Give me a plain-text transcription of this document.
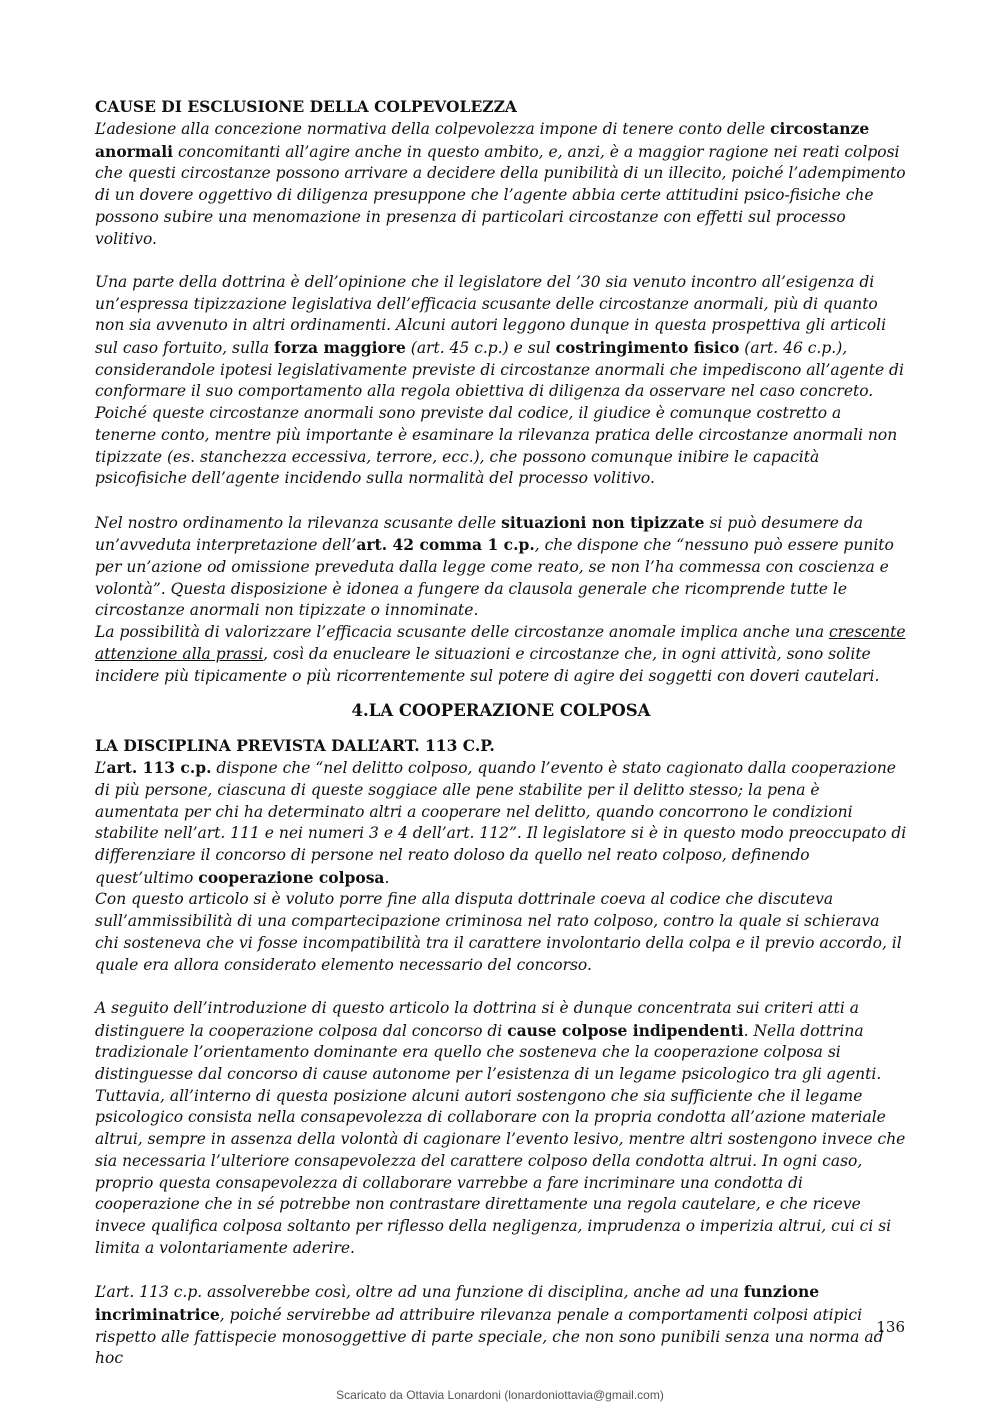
CAUSE DI ESCLUSIONE DELLA COLPEVOLEZZA

L’adesione alla concezione normativa della colpevolezza impone di tenere conto delle circostanze anormali concomitanti all’agire anche in questo ambito, e, anzi, è a maggior ragione nei reati colposi che questi circostanze possono arrivare a decidere della punibilità di un illecito, poiché l’adempimento di un dovere oggettivo di diligenza presuppone che l’agente abbia certe attitudini psico-fisiche che possono subire una menomazione in presenza di particolari circostanze con effetti sul processo volitivo.

Una parte della dottrina è dell’opinione che il legislatore del ’30 sia venuto incontro all’esigenza di un’espressa tipizzazione legislativa dell’efficacia scusante delle circostanze anormali, più di quanto non sia avvenuto in altri ordinamenti. Alcuni autori leggono dunque in questa prospettiva gli articoli sul caso fortuito, sulla forza maggiore (art. 45 c.p.) e sul costringimento fisico (art. 46 c.p.), considerandole ipotesi legislativamente previste di circostanze anormali che impediscono all’agente di conformare il suo comportamento alla regola obiettiva di diligenza da osservare nel caso concreto.

Poiché queste circostanze anormali sono previste dal codice, il giudice è comunque costretto a tenerne conto, mentre più importante è esaminare la rilevanza pratica delle circostanze anormali non tipizzate (es. stanchezza eccessiva, terrore, ecc.), che possono comunque inibire le capacità psicofisiche dell’agente incidendo sulla normalità del processo volitivo.

Nel nostro ordinamento la rilevanza scusante delle situazioni non tipizzate si può desumere da un’avveduta interpretazione dell’art. 42 comma 1 c.p., che dispone che “nessuno può essere punito per un’azione od omissione preveduta dalla legge come reato, se non l’ha commessa con coscienza e volontà”. Questa disposizione è idonea a fungere da clausola generale che ricomprende tutte le circostanze anormali non tipizzate o innominate.

La possibilità di valorizzare l’efficacia scusante delle circostanze anomale implica anche una crescente attenzione alla prassi, così da enucleare le situazioni e circostanze che, in ogni attività, sono solite incidere più tipicamente o più ricorrentemente sul potere di agire dei soggetti con doveri cautelari.

4.LA COOPERAZIONE COLPOSA

LA DISCIPLINA PREVISTA DALL’ART. 113 C.P.

L’art. 113 c.p. dispone che “nel delitto colposo, quando l’evento è stato cagionato dalla cooperazione di più persone, ciascuna di queste soggiace alle pene stabilite per il delitto stesso; la pena è aumentata per chi ha determinato altri a cooperare nel delitto, quando concorrono le condizioni stabilite nell’art. 111 e nei numeri 3 e 4 dell’art. 112”. Il legislatore si è in questo modo preoccupato di differenziare il concorso di persone nel reato doloso da quello nel reato colposo, definendo quest’ultimo cooperazione colposa.

Con questo articolo si è voluto porre fine alla disputa dottrinale coeva al codice che discuteva sull’ammissibilità di una compartecipazione criminosa nel rato colposo, contro la quale si schierava chi sosteneva che vi fosse incompatibilità tra il carattere involontario della colpa e il previo accordo, il quale era allora considerato elemento necessario del concorso.

A seguito dell’introduzione di questo articolo la dottrina si è dunque concentrata sui criteri atti a distinguere la cooperazione colposa dal concorso di cause colpose indipendenti. Nella dottrina tradizionale l’orientamento dominante era quello che sosteneva che la cooperazione colposa si distinguesse dal concorso di cause autonome per l’esistenza di un legame psicologico tra gli agenti. Tuttavia, all’interno di questa posizione alcuni autori sostengono che sia sufficiente che il legame psicologico consista nella consapevolezza di collaborare con la propria condotta all’azione materiale altrui, sempre in assenza della volontà di cagionare l’evento lesivo, mentre altri sostengono invece che sia necessaria l’ulteriore consapevolezza del carattere colposo della condotta altrui. In ogni caso, proprio questa consapevolezza di collaborare varrebbe a fare incriminare una condotta di cooperazione che in sé potrebbe non contrastare direttamente una regola cautelare, e che riceve invece qualifica colposa soltanto per riflesso della negligenza, imprudenza o imperizia altrui, cui ci si limita a volontariamente aderire.

L’art. 113 c.p. assolverebbe così, oltre ad una funzione di disciplina, anche ad una funzione incriminatrice, poiché servirebbe ad attribuire rilevanza penale a comportamenti colposi atipici rispetto alle fattispecie monosoggettive di parte speciale, che non sono punibili senza una norma ad hoc

136
Scaricato da Ottavia Lonardoni (lonardoniottavia@gmail.com)
